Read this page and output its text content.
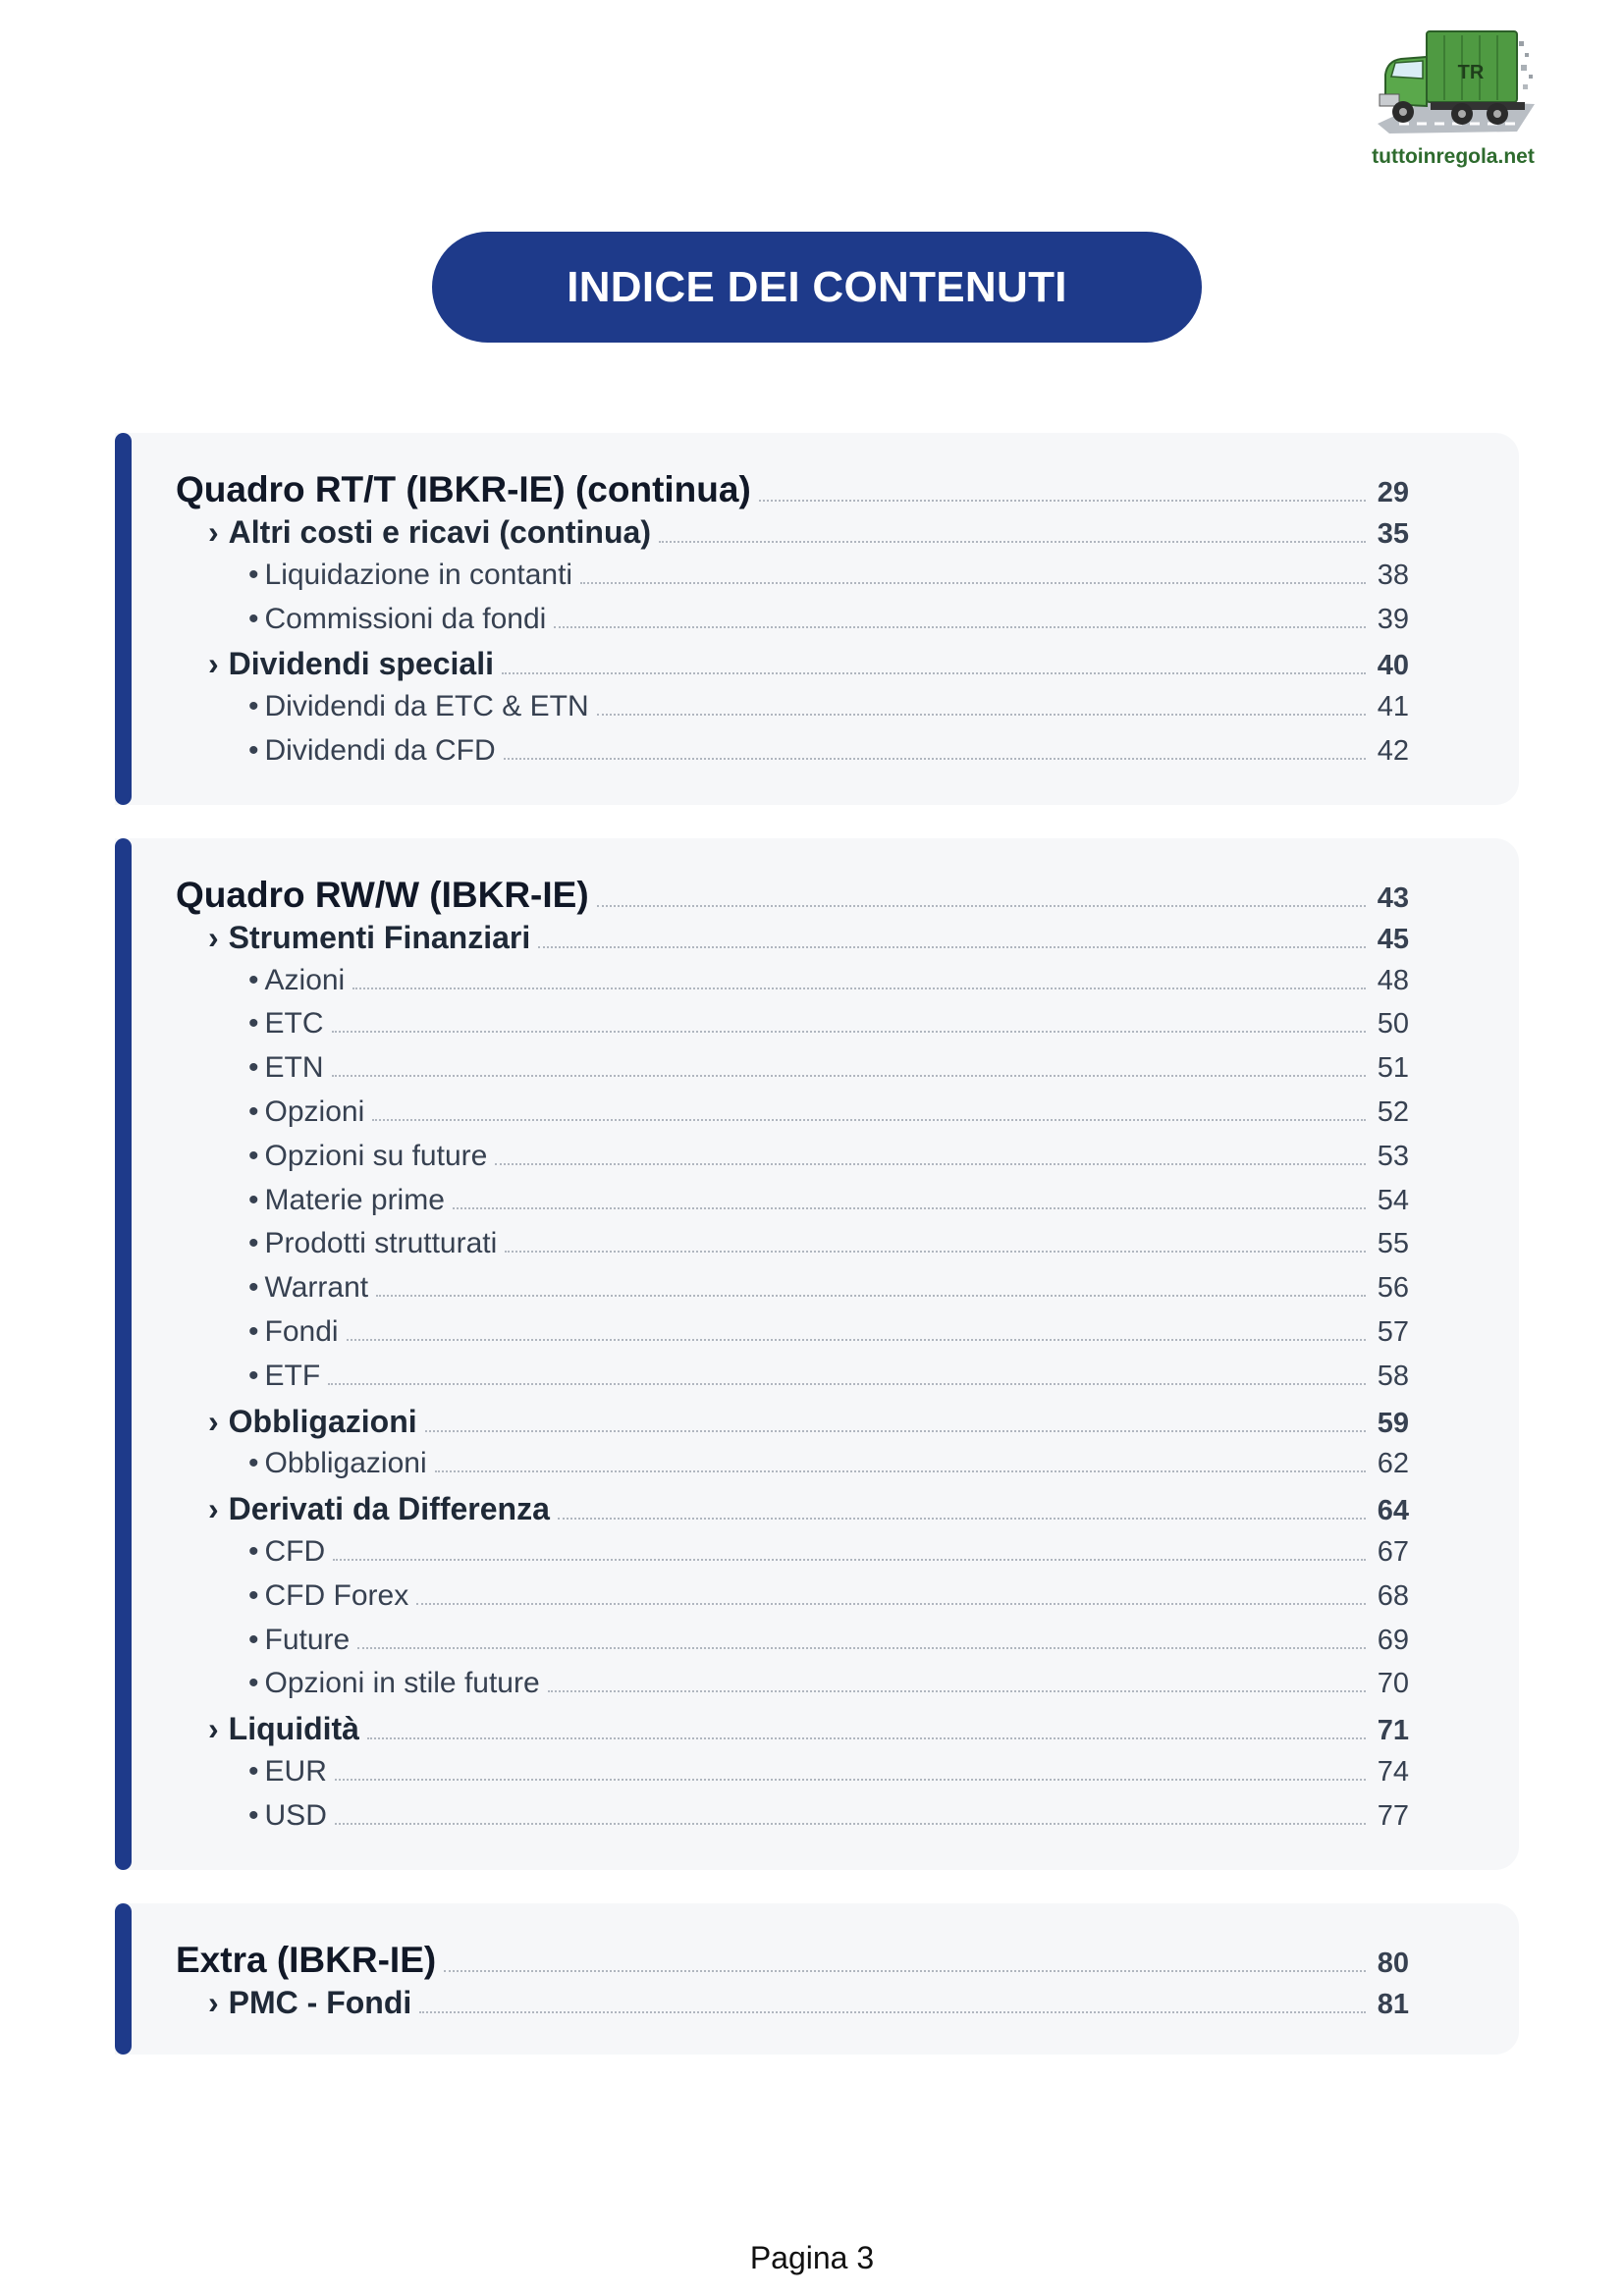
TR
tuttoinregola.net
INDICE DEI CONTENUTI
Quadro RT/T (IBKR-IE) (continua)	29
› Altri costi e ricavi (continua)	35
• Liquidazione in contanti	38
• Commissioni da fondi	39
› Dividendi speciali	40
• Dividendi da ETC & ETN	41
• Dividendi da CFD	42
Quadro RW/W (IBKR-IE)	43
› Strumenti Finanziari	45
• Azioni	48
• ETC	50
• ETN	51
• Opzioni	52
• Opzioni su future	53
• Materie prime	54
• Prodotti strutturati	55
• Warrant	56
• Fondi	57
• ETF	58
› Obbligazioni	59
• Obbligazioni	62
› Derivati da Differenza	64
• CFD	67
• CFD Forex	68
• Future	69
• Opzioni in stile future	70
› Liquidità	71
• EUR	74
• USD	77
Extra (IBKR-IE)	80
› PMC - Fondi	81
Pagina 3
